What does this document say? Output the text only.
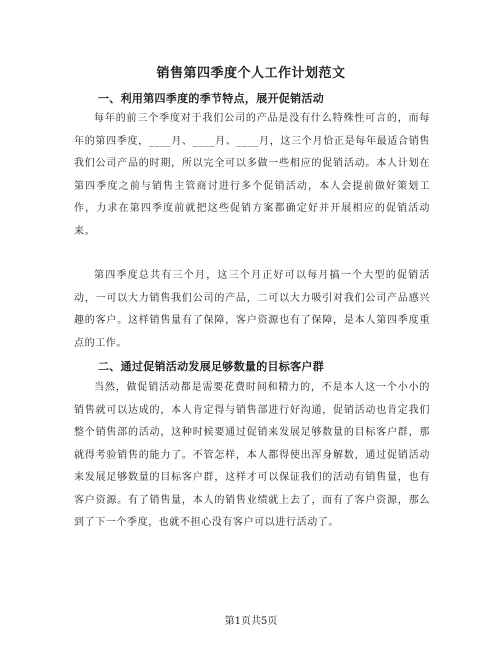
销售第四季度个人工作计划范文
一、利用第四季度的季节特点，展开促销活动
每年的前三个季度对于我们公司的产品是没有什么特殊性可言的，而每年的第四季度，____月、____月、____月，这三个月恰正是每年最适合销售我们公司产品的时期，所以完全可以多做一些相应的促销活动。本人计划在第四季度之前与销售主管商讨进行多个促销活动，本人会提前做好策划工作，力求在第四季度前就把这些促销方案都确定好并开展相应的促销活动来。
第四季度总共有三个月，这三个月正好可以每月搞一个大型的促销活动，一可以大力销售我们公司的产品，二可以大力吸引对我们公司产品感兴趣的客户。这样销售量有了保障，客户资源也有了保障，是本人第四季度重点的工作。
二、通过促销活动发展足够数量的目标客户群
当然，做促销活动都是需要花费时间和精力的，不是本人这一个小小的销售就可以达成的，本人肯定得与销售部进行好沟通，促销活动也肯定我们整个销售部的活动，这种时候要通过促销来发展足够数量的目标客户群，那就得考验销售的能力了。不管怎样，本人都得使出浑身解数，通过促销活动来发展足够数量的目标客户群，这样才可以保证我们的活动有销售量，也有客户资源。有了销售量，本人的销售业绩就上去了，而有了客户资源，那么到了下一个季度，也就不担心没有客户可以进行活动了。
第1页共5页
